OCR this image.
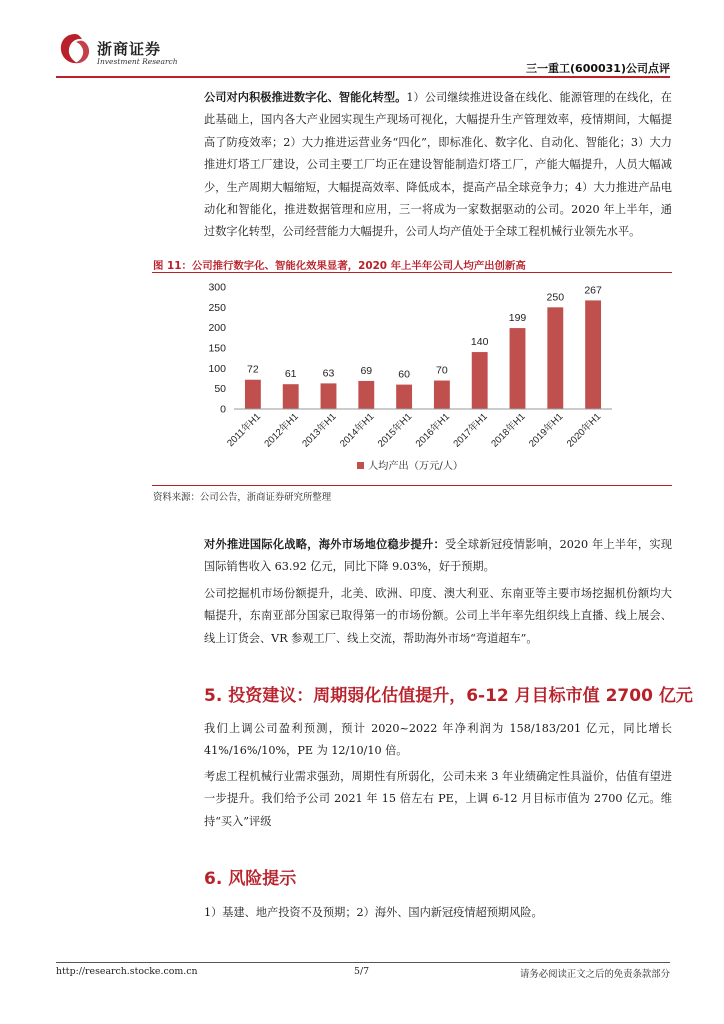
浙商证券
Investment Research
三一重工(600031)公司点评
公司对内积极推进数字化、智能化转型。1）公司继续推进设备在线化、能源管理的在线化，在此基础上，国内各大产业园实现生产现场可视化，大幅提升生产管理效率，疫情期间，大幅提高了防疫效率；2）大力推进运营业务“四化”，即标准化、数字化、自动化、智能化；3）大力推进灯塔工厂建设，公司主要工厂均正在建设智能制造灯塔工厂，产能大幅提升，人员大幅减少，生产周期大幅缩短，大幅提高效率、降低成本，提高产品全球竞争力；4）大力推进产品电动化和智能化，推进数据管理和应用，三一将成为一家数据驱动的公司。2020 年上半年，通过数字化转型，公司经营能力大幅提升，公司人均产值处于全球工程机械行业领先水平。
图 11：公司推行数字化、智能化效果显著，2020 年上半年公司人均产出创新高
0
50
100
150
200
250
300
72 61 63 69 60 70
140
199
250
267
2011年H1 2012年H1 2013年H1 2014年H1 2015年H1 2016年H1 2017年H1 2018年H1 2019年H1 2020年H1
人均产出（万元/人）
资料来源：公司公告，浙商证券研究所整理
对外推进国际化战略，海外市场地位稳步提升：受全球新冠疫情影响，2020 年上半年，实现国际销售收入 63.92 亿元，同比下降 9.03%，好于预期。
公司挖掘机市场份额提升，北美、欧洲、印度、澳大利亚、东南亚等主要市场挖掘机份额均大幅提升，东南亚部分国家已取得第一的市场份额。公司上半年率先组织线上直播、线上展会、线上订货会、VR 参观工厂、线上交流，帮助海外市场“弯道超车”。
5. 投资建议：周期弱化估值提升，6-12 月目标市值 2700 亿元
我们上调公司盈利预测，预计 2020~2022 年净利润为 158/183/201 亿元，同比增长 41%/16%/10%，PE 为 12/10/10 倍。
考虑工程机械行业需求强劲，周期性有所弱化，公司未来 3 年业绩确定性具溢价，估值有望进一步提升。我们给予公司 2021 年 15 倍左右 PE，上调 6-12 月目标市值为 2700 亿元。维持“买入”评级
6. 风险提示
1）基建、地产投资不及预期；2）海外、国内新冠疫情超预期风险。
http://research.stocke.com.cn	5/7	请务必阅读正文之后的免责条款部分
